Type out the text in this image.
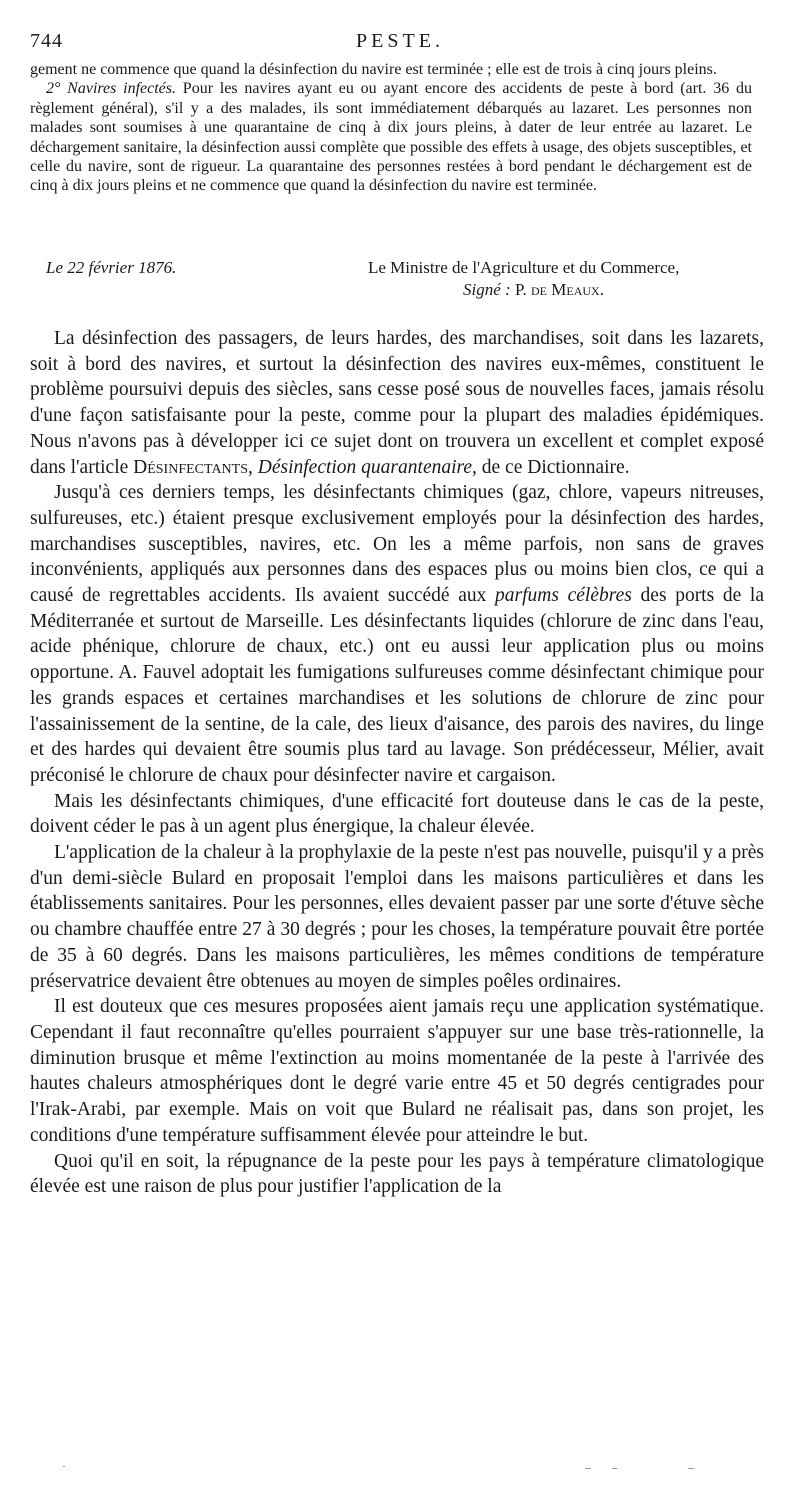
744	PESTE.

gement ne commence que quand la désinfection du navire est terminée ; elle est de trois à cinq jours pleins.

2° Navires infectés. Pour les navires ayant eu ou ayant encore des accidents de peste à bord (art. 36 du règlement général), s'il y a des malades, ils sont immédiatement débarqués au lazaret. Les personnes non malades sont soumises à une quarantaine de cinq à dix jours pleins, à dater de leur entrée au lazaret. Le déchargement sanitaire, la désinfection aussi complète que possible des effets à usage, des objets susceptibles, et celle du navire, sont de rigueur. La quarantaine des personnes restées à bord pendant le déchargement est de cinq à dix jours pleins et ne commence que quand la désinfection du navire est terminée.

Le 22 février 1876.	Le Ministre de l'Agriculture et du Commerce,
Signé : P. de Meaux.

La désinfection des passagers, de leurs hardes, des marchandises, soit dans les lazarets, soit à bord des navires, et surtout la désinfection des navires eux-mêmes, constituent le problème poursuivi depuis des siècles, sans cesse posé sous de nouvelles faces, jamais résolu d'une façon satisfaisante pour la peste, comme pour la plupart des maladies épidémiques. Nous n'avons pas à développer ici ce sujet dont on trouvera un excellent et complet exposé dans l'article Désinfectants, Désinfection quarantenaire, de ce Dictionnaire.

Jusqu'à ces derniers temps, les désinfectants chimiques (gaz, chlore, vapeurs nitreuses, sulfureuses, etc.) étaient presque exclusivement employés pour la désinfection des hardes, marchandises susceptibles, navires, etc. On les a même parfois, non sans de graves inconvénients, appliqués aux personnes dans des espaces plus ou moins bien clos, ce qui a causé de regrettables accidents. Ils avaient succédé aux parfums célèbres des ports de la Méditerranée et surtout de Marseille. Les désinfectants liquides (chlorure de zinc dans l'eau, acide phénique, chlorure de chaux, etc.) ont eu aussi leur application plus ou moins opportune. A. Fauvel adoptait les fumigations sulfureuses comme désinfectant chimique pour les grands espaces et certaines marchandises et les solutions de chlorure de zinc pour l'assainissement de la sentine, de la cale, des lieux d'aisance, des parois des navires, du linge et des hardes qui devaient être soumis plus tard au lavage. Son prédécesseur, Mélier, avait préconisé le chlorure de chaux pour désinfecter navire et cargaison.

Mais les désinfectants chimiques, d'une efficacité fort douteuse dans le cas de la peste, doivent céder le pas à un agent plus énergique, la chaleur élevée.

L'application de la chaleur à la prophylaxie de la peste n'est pas nouvelle, puisqu'il y a près d'un demi-siècle Bulard en proposait l'emploi dans les maisons particulières et dans les établissements sanitaires. Pour les personnes, elles devaient passer par une sorte d'étuve sèche ou chambre chauffée entre 27 à 30 degrés ; pour les choses, la température pouvait être portée de 35 à 60 degrés. Dans les maisons particulières, les mêmes conditions de température préservatrice devaient être obtenues au moyen de simples poêles ordinaires.

Il est douteux que ces mesures proposées aient jamais reçu une application systématique. Cependant il faut reconnaître qu'elles pourraient s'appuyer sur une base très-rationnelle, la diminution brusque et même l'extinction au moins momentanée de la peste à l'arrivée des hautes chaleurs atmosphériques dont le degré varie entre 45 et 50 degrés centigrades pour l'Irak-Arabi, par exemple. Mais on voit que Bulard ne réalisait pas, dans son projet, les conditions d'une température suffisamment élevée pour atteindre le but.

Quoi qu'il en soit, la répugnance de la peste pour les pays à température climatologique élevée est une raison de plus pour justifier l'application de la
